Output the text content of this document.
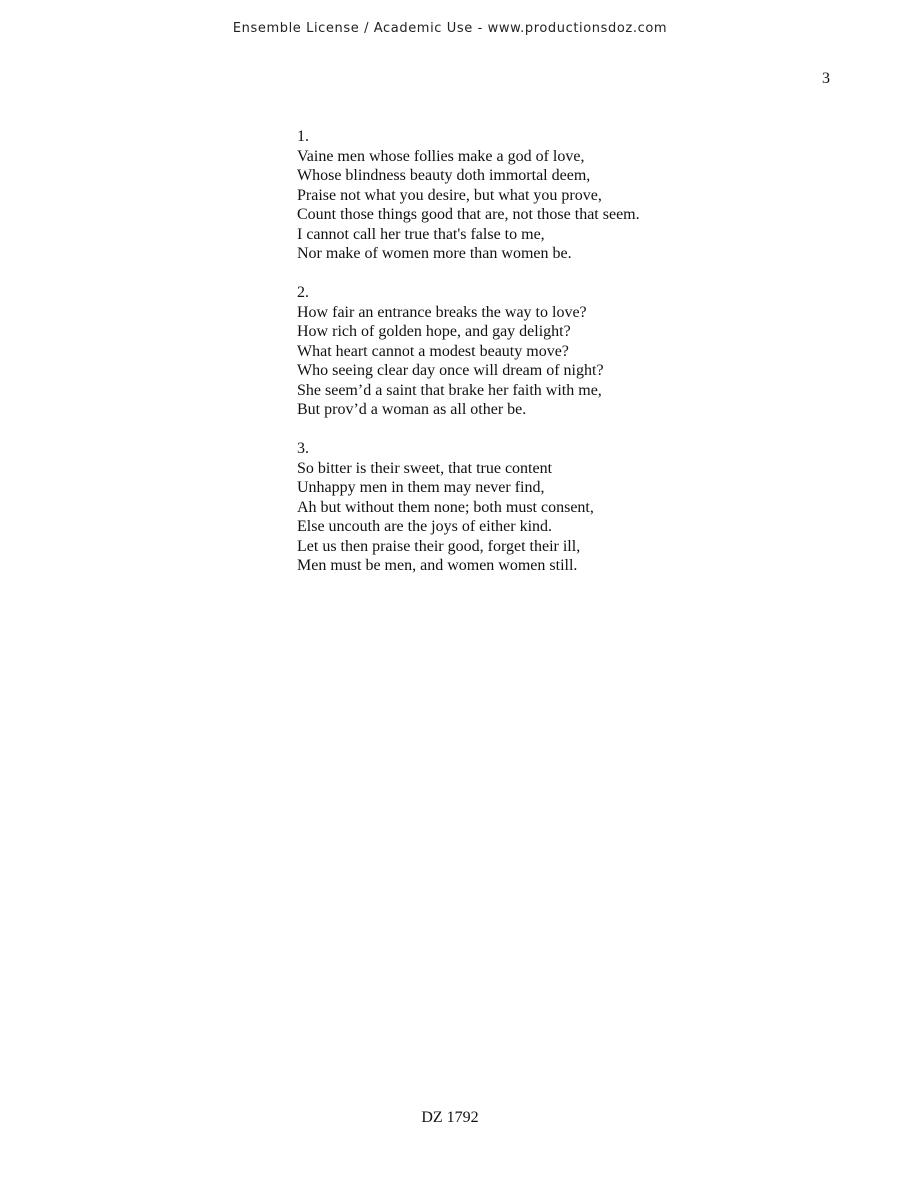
Ensemble License / Academic Use - www.productionsdoz.com
3
1.
Vaine men whose follies make a god of love,
Whose blindness beauty doth immortal deem,
Praise not what you desire, but what you prove,
Count those things good that are, not those that seem.
I cannot call her true that's false to me,
Nor make of women more than women be.
2.
How fair an entrance breaks the way to love?
How rich of golden hope, and gay delight?
What heart cannot a modest beauty move?
Who seeing clear day once will dream of night?
She seem’d a saint that brake her faith with me,
But prov’d a woman as all other be.
3.
So bitter is their sweet, that true content
Unhappy men in them may never find,
Ah but without them none; both must consent,
Else uncouth are the joys of either kind.
Let us then praise their good, forget their ill,
Men must be men, and women women still.
DZ 1792
